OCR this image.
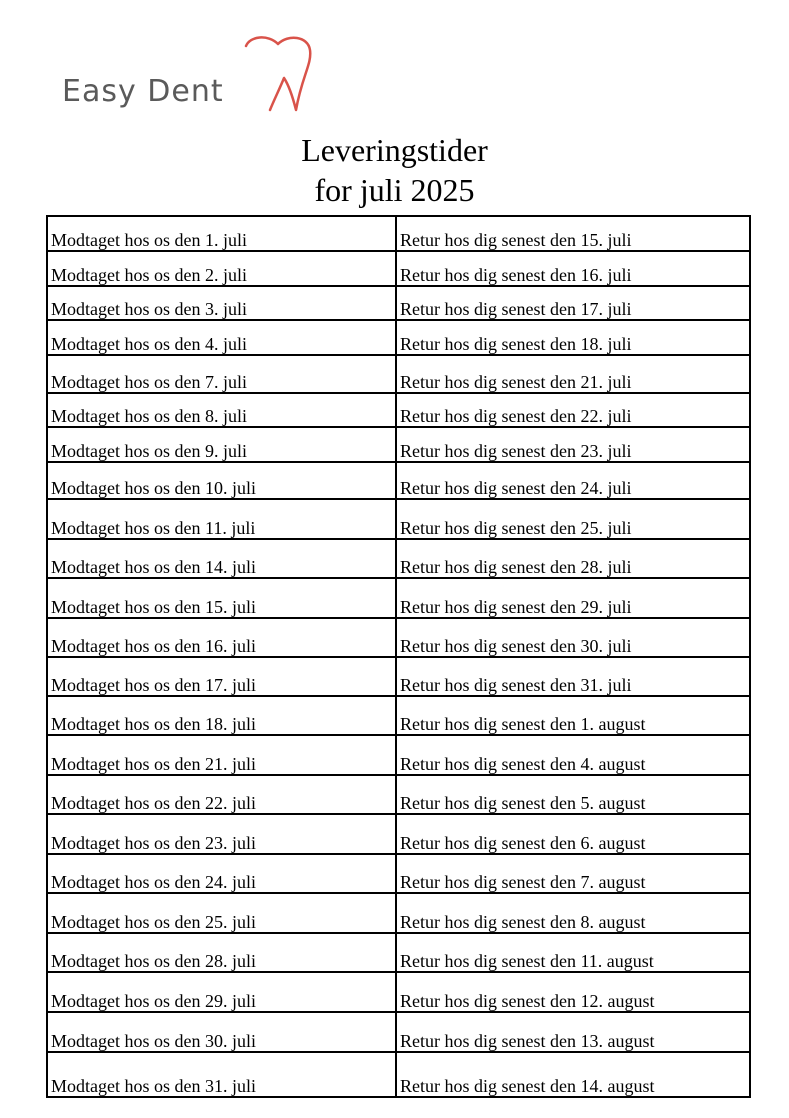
Easy Dent
Leveringstider
for juli 2025
Modtaget hos os den 1. juli	Retur hos dig senest den 15. juli
Modtaget hos os den 2. juli	Retur hos dig senest den 16. juli
Modtaget hos os den 3. juli	Retur hos dig senest den 17. juli
Modtaget hos os den 4. juli	Retur hos dig senest den 18. juli
Modtaget hos os den 7. juli	Retur hos dig senest den 21. juli
Modtaget hos os den 8. juli	Retur hos dig senest den 22. juli
Modtaget hos os den 9. juli	Retur hos dig senest den 23. juli
Modtaget hos os den 10. juli	Retur hos dig senest den 24. juli
Modtaget hos os den 11. juli	Retur hos dig senest den 25. juli
Modtaget hos os den 14. juli	Retur hos dig senest den 28. juli
Modtaget hos os den 15. juli	Retur hos dig senest den 29. juli
Modtaget hos os den 16. juli	Retur hos dig senest den 30. juli
Modtaget hos os den 17. juli	Retur hos dig senest den 31. juli
Modtaget hos os den 18. juli	Retur hos dig senest den 1. august
Modtaget hos os den 21. juli	Retur hos dig senest den 4. august
Modtaget hos os den 22. juli	Retur hos dig senest den 5. august
Modtaget hos os den 23. juli	Retur hos dig senest den 6. august
Modtaget hos os den 24. juli	Retur hos dig senest den 7. august
Modtaget hos os den 25. juli	Retur hos dig senest den 8. august
Modtaget hos os den 28. juli	Retur hos dig senest den 11. august
Modtaget hos os den 29. juli	Retur hos dig senest den 12. august
Modtaget hos os den 30. juli	Retur hos dig senest den 13. august
Modtaget hos os den 31. juli	Retur hos dig senest den 14. august
